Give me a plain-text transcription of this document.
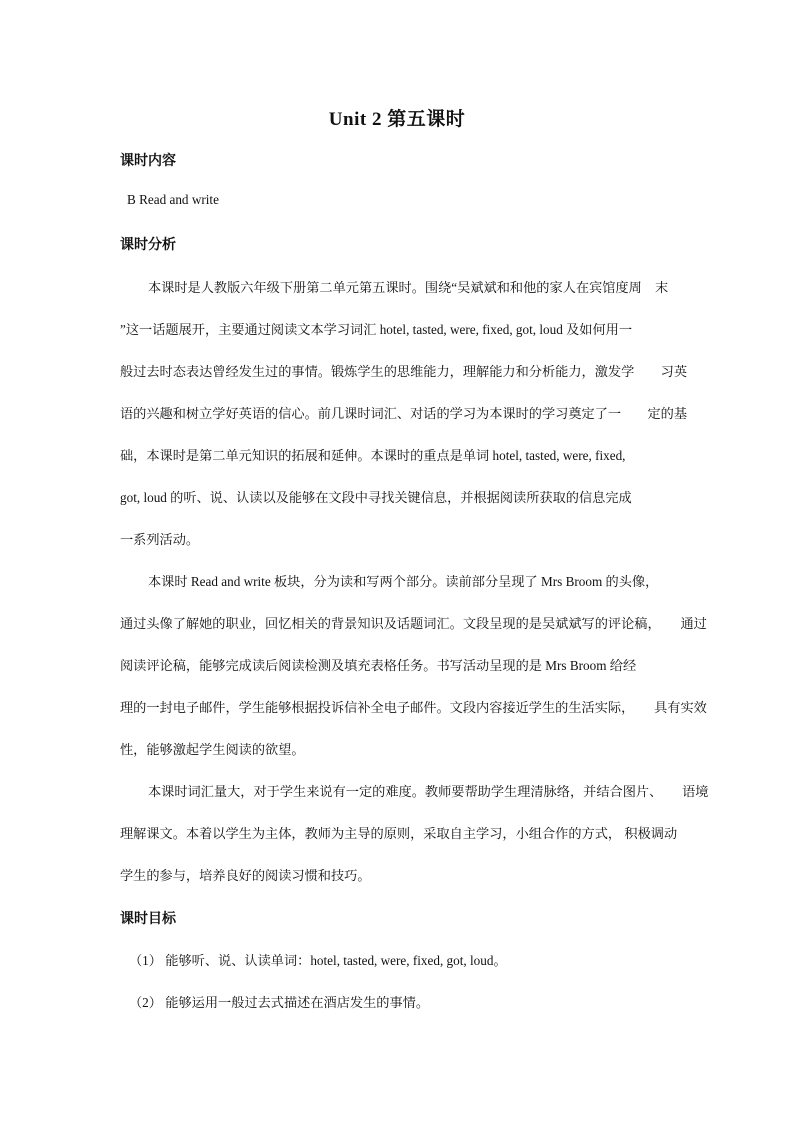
Unit 2 第五课时
课时内容
B Read and write
课时分析
本课时是人教版六年级下册第二单元第五课时。围绕“吴斌斌和和他的家人在宾馆度周　末
”这一话题展开，主要通过阅读文本学习词汇 hotel, tasted, were, fixed, got, loud 及如何用一
般过去时态表达曾经发生过的事情。锻炼学生的思维能力，理解能力和分析能力，激发学　　习英
语的兴趣和树立学好英语的信心。前几课时词汇、对话的学习为本课时的学习奠定了一　　定的基
础，本课时是第二单元知识的拓展和延伸。本课时的重点是单词 hotel, tasted, were, fixed,
got, loud 的听、说、认读以及能够在文段中寻找关键信息，并根据阅读所获取的信息完成
一系列活动。
本课时 Read and write 板块，分为读和写两个部分。读前部分呈现了 Mrs Broom 的头像，
通过头像了解她的职业，回忆相关的背景知识及话题词汇。文段呈现的是吴斌斌写的评论稿，　　通过
阅读评论稿，能够完成读后阅读检测及填充表格任务。书写活动呈现的是 Mrs Broom 给经
理的一封电子邮件，学生能够根据投诉信补全电子邮件。文段内容接近学生的生活实际，　　具有实效
性，能够激起学生阅读的欲望。
本课时词汇量大，对于学生来说有一定的难度。教师要帮助学生理清脉络，并结合图片、　　语境
理解课文。本着以学生为主体，教师为主导的原则，采取自主学习，小组合作的方式， 积极调动
学生的参与，培养良好的阅读习惯和技巧。
课时目标
（1） 能够听、说、认读单词：hotel, tasted, were, fixed, got, loud。
（2） 能够运用一般过去式描述在酒店发生的事情。
